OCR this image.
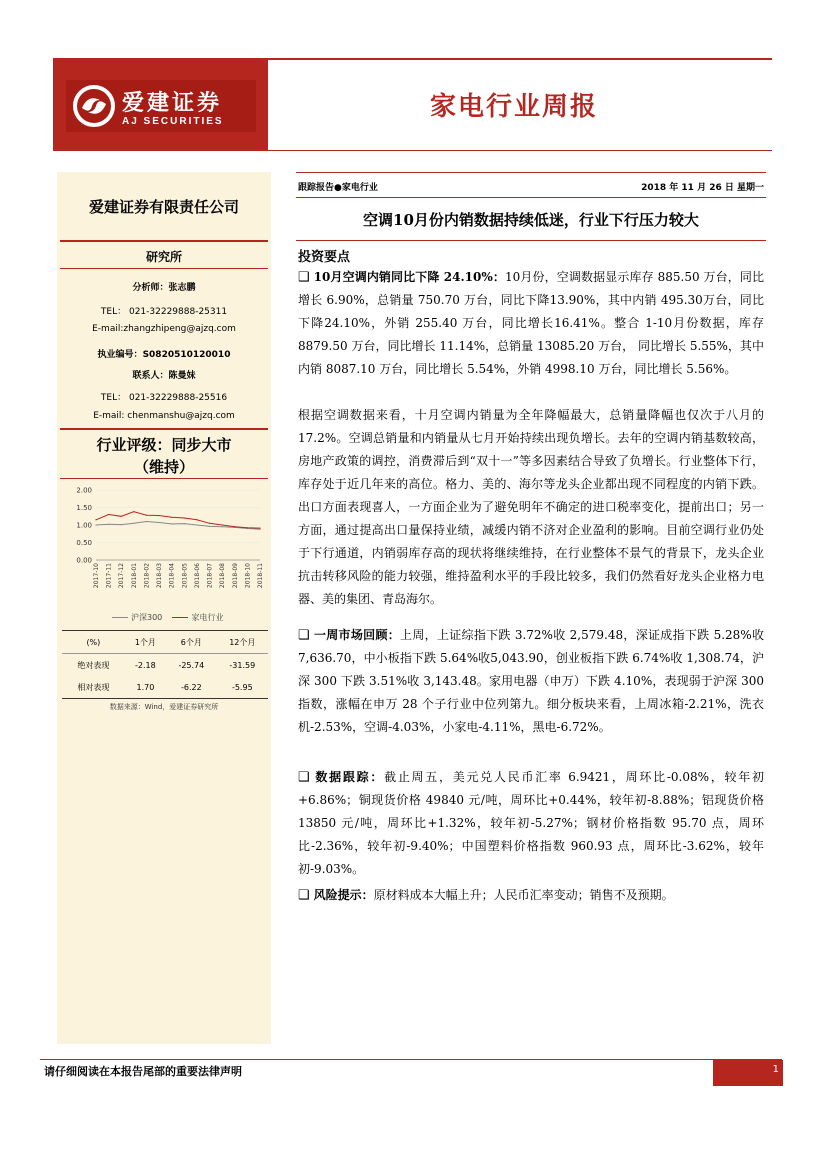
爱建证券
AJ SECURITIES	家电行业周报
爱建证券有限责任公司
研究所
分析师：张志鹏
TEL： 021-32229888-25311
E-mail:zhangzhipeng@ajzq.com
执业编号：S0820510120010
联系人：陈曼妹
TEL： 021-32229888-25516
E-mail: chenmanshu@ajzq.com
行业评级：同步大市
（维持）
2.00
1.50
1.00
0.50
0.00
2017-10 2017-11 2017-12 2018-01 2018-02 2018-03 2018-04 2018-05 2018-06 2018-07 2018-08 2018-09 2018-10 2018-11
沪深300	家电行业
(%)	1个月	6个月	12个月
绝对表现	-2.18	-25.74	-31.59
相对表现	1.70	-6.22	-5.95
数据来源：Wind，爱建证券研究所
跟踪报告●家电行业	2018 年 11 月 26 日 星期一
空调10月份内销数据持续低迷，行业下行压力较大
投资要点
❑ 10月空调内销同比下降 24.10%：10月份，空调数据显示库存 885.50 万台，同比增长 6.90%，总销量 750.70 万台，同比下降13.90%，其中内销 495.30万台，同比下降24.10%，外销 255.40 万台，同比增长16.41%。整合 1-10月份数据，库存 8879.50 万台，同比增长 11.14%，总销量 13085.20 万台， 同比增长 5.55%，其中内销 8087.10 万台，同比增长 5.54%，外销 4998.10 万台，同比增长 5.56%。
根据空调数据来看，十月空调内销量为全年降幅最大，总销量降幅也仅次于八月的 17.2%。空调总销量和内销量从七月开始持续出现负增长。去年的空调内销基数较高，房地产政策的调控，消费滞后到“双十一”等多因素结合导致了负增长。行业整体下行，库存处于近几年来的高位。格力、美的、海尔等龙头企业都出现不同程度的内销下跌。出口方面表现喜人，一方面企业为了避免明年不确定的进口税率变化，提前出口；另一方面，通过提高出口量保持业绩，减缓内销不济对企业盈利的影响。目前空调行业仍处于下行通道，内销弱库存高的现状将继续维持，在行业整体不景气的背景下，龙头企业抗击转移风险的能力较强，维持盈利水平的手段比较多，我们仍然看好龙头企业格力电器、美的集团、青岛海尔。
❑ 一周市场回顾：上周，上证综指下跌 3.72%收 2,579.48，深证成指下跌 5.28%收7,636.70，中小板指下跌 5.64%收5,043.90，创业板指下跌 6.74%收 1,308.74，沪深 300 下跌 3.51%收 3,143.48。家用电器（申万）下跌 4.10%，表现弱于沪深 300 指数，涨幅在申万 28 个子行业中位列第九。细分板块来看，上周冰箱-2.21%，洗衣机-2.53%，空调-4.03%，小家电-4.11%，黑电-6.72%。
❑ 数据跟踪：截止周五，美元兑人民币汇率 6.9421，周环比-0.08%，较年初+6.86%；铜现货价格 49840 元/吨，周环比+0.44%，较年初-8.88%；铝现货价格 13850 元/吨，周环比+1.32%，较年初-5.27%；钢材价格指数 95.70 点，周环比-2.36%，较年初-9.40%；中国塑料价格指数 960.93 点，周环比-3.62%，较年初-9.03%。
❑ 风险提示：原材料成本大幅上升；人民币汇率变动；销售不及预期。
请仔细阅读在本报告尾部的重要法律声明	1
